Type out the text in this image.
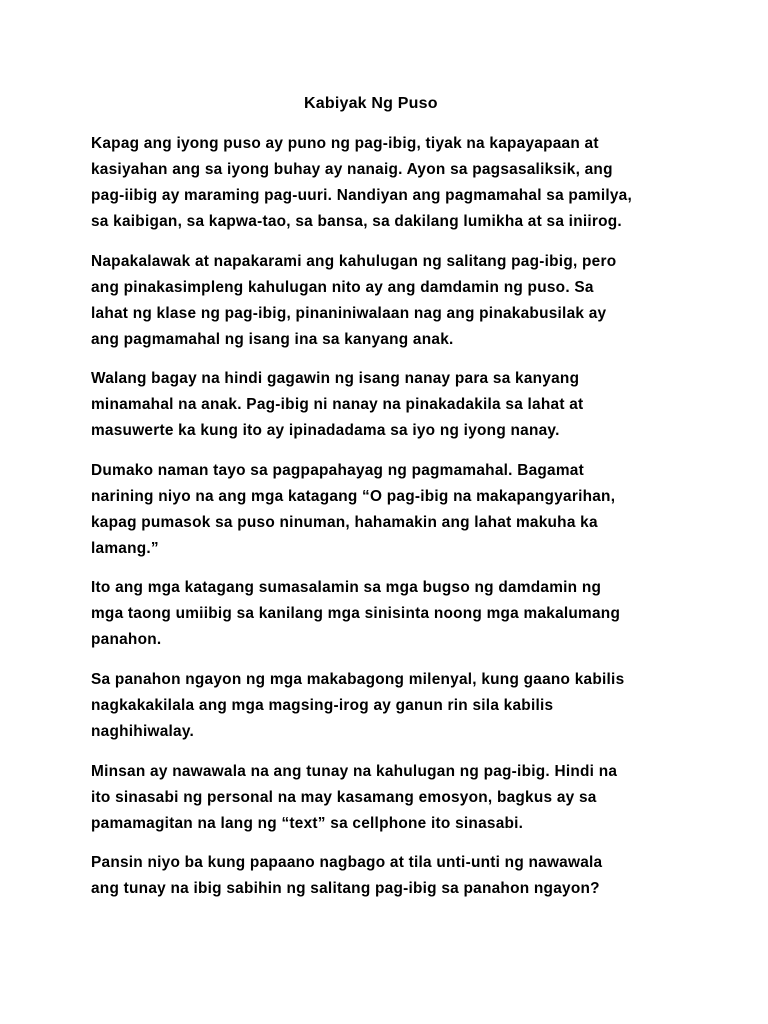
Kabiyak Ng Puso

Kapag ang iyong puso ay puno ng pag-ibig, tiyak na kapayapaan at
kasiyahan ang sa iyong buhay ay nanaig. Ayon sa pagsasaliksik, ang
pag-iibig ay maraming pag-uuri. Nandiyan ang pagmamahal sa pamilya,
sa kaibigan, sa kapwa-tao, sa bansa, sa dakilang lumikha at sa iniirog.

Napakalawak at napakarami ang kahulugan ng salitang pag-ibig, pero
ang pinakasimpleng kahulugan nito ay ang damdamin ng puso. Sa
lahat ng klase ng pag-ibig, pinaniniwalaan nag ang pinakabusilak ay
ang pagmamahal ng isang ina sa kanyang anak.

Walang bagay na hindi gagawin ng isang nanay para sa kanyang
minamahal na anak. Pag-ibig ni nanay na pinakadakila sa lahat at
masuwerte ka kung ito ay ipinadadama sa iyo ng iyong nanay.

Dumako naman tayo sa pagpapahayag ng pagmamahal. Bagamat
narining niyo na ang mga katagang “O pag-ibig na makapangyarihan,
kapag pumasok sa puso ninuman, hahamakin ang lahat makuha ka
lamang.”

Ito ang mga katagang sumasalamin sa mga bugso ng damdamin ng
mga taong umiibig sa kanilang mga sinisinta noong mga makalumang
panahon.

Sa panahon ngayon ng mga makabagong milenyal, kung gaano kabilis
nagkakakilala ang mga magsing-irog ay ganun rin sila kabilis
naghihiwalay.

Minsan ay nawawala na ang tunay na kahulugan ng pag-ibig. Hindi na
ito sinasabi ng personal na may kasamang emosyon, bagkus ay sa
pamamagitan na lang ng “text” sa cellphone ito sinasabi.

Pansin niyo ba kung papaano nagbago at tila unti-unti ng nawawala
ang tunay na ibig sabihin ng salitang pag-ibig sa panahon ngayon?
